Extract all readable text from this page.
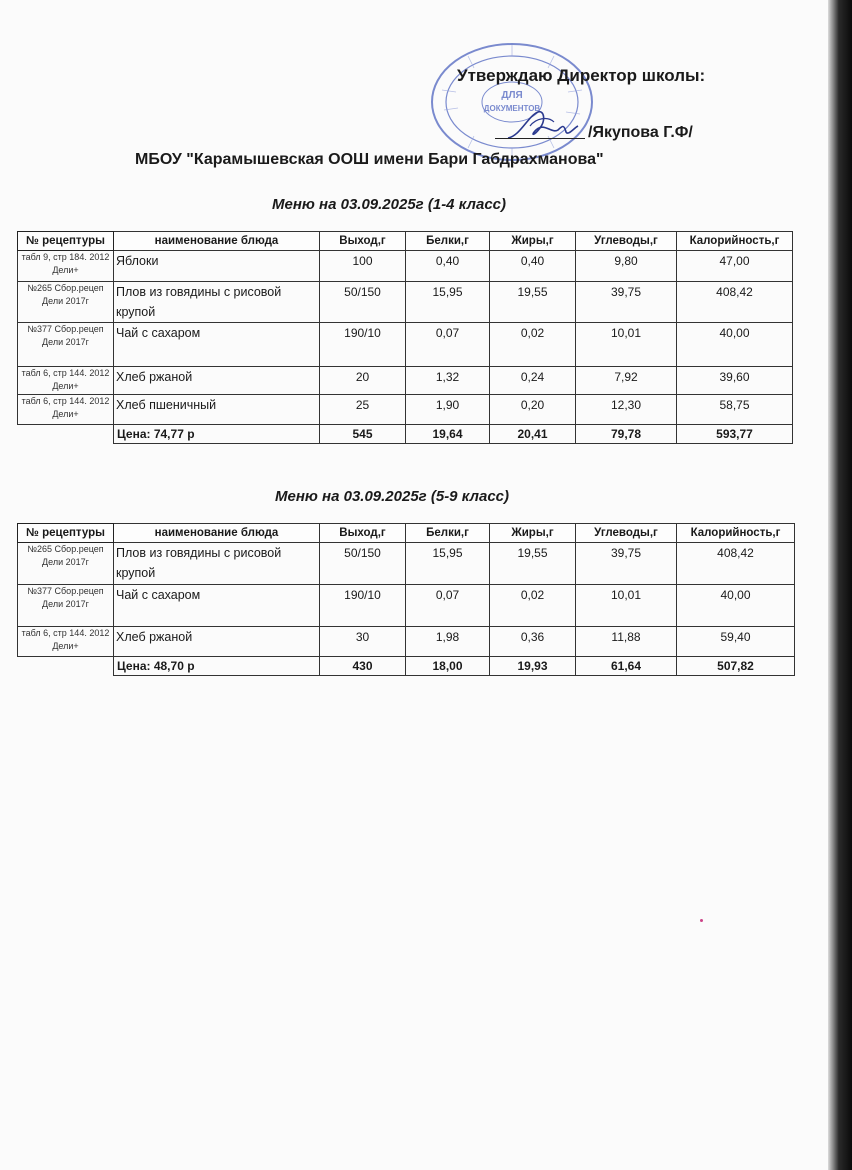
ДЛЯ
ДОКУМЕНТОВ
Утверждаю Директор школы:
/Якупова Г.Ф/
МБОУ "Карамышевская ООШ имени Бари Габдрахманова"
Меню на 03.09.2025г (1-4 класс)
№ рецептуры	наименование блюда	Выход,г	Белки,г	Жиры,г	Углеводы,г	Калорийность,г
табл 9, стр 184. 2012 Дели+	Яблоки	100	0,40	0,40	9,80	47,00
№265 Сбор.рецеп Дели 2017г	Плов из говядины с рисовой крупой	50/150	15,95	19,55	39,75	408,42
№377 Сбор.рецеп Дели 2017г	Чай с сахаром	190/10	0,07	0,02	10,01	40,00
табл 6, стр 144. 2012 Дели+	Хлеб ржаной	20	1,32	0,24	7,92	39,60
табл 6, стр 144. 2012 Дели+	Хлеб пшеничный	25	1,90	0,20	12,30	58,75
	Цена: 74,77 р	545	19,64	20,41	79,78	593,77
Меню на 03.09.2025г (5-9 класс)
№ рецептуры	наименование блюда	Выход,г	Белки,г	Жиры,г	Углеводы,г	Калорийность,г
№265 Сбор.рецеп Дели 2017г	Плов из говядины с рисовой крупой	50/150	15,95	19,55	39,75	408,42
№377 Сбор.рецеп Дели 2017г	Чай с сахаром	190/10	0,07	0,02	10,01	40,00
табл 6, стр 144. 2012 Дели+	Хлеб ржаной	30	1,98	0,36	11,88	59,40
	Цена: 48,70 р	430	18,00	19,93	61,64	507,82
